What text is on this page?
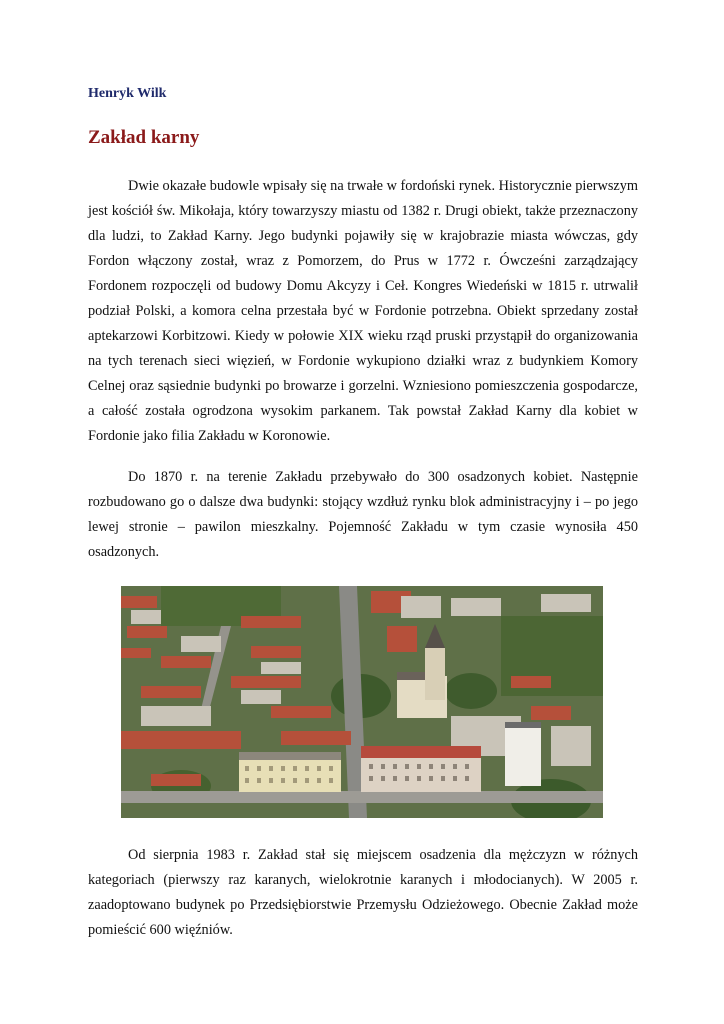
Henryk Wilk
Zakład karny

Dwie okazałe budowle wpisały się na trwałe w fordoński rynek. Historycznie pierwszym jest kościół św. Mikołaja, który towarzyszy miastu od 1382 r. Drugi obiekt, także przeznaczony dla ludzi, to Zakład Karny. Jego budynki pojawiły się w krajobrazie miasta wówczas, gdy Fordon włączony został, wraz z Pomorzem, do Prus w 1772 r. Ówcześni zarządzający Fordonem rozpoczęli od budowy Domu Akcyzy i Ceł. Kongres Wiedeński w 1815 r. utrwalił podział Polski, a komora celna przestała być w Fordonie potrzebna. Obiekt sprzedany został aptekarzowi Korbitzowi. Kiedy w połowie XIX wieku rząd pruski przystąpił do organizowania na tych terenach sieci więzień, w Fordonie wykupiono działki wraz z budynkiem Komory Celnej oraz sąsiednie budynki po browarze i gorzelni. Wzniesiono pomieszczenia gospodarcze, a całość została ogrodzona wysokim parkanem. Tak powstał Zakład Karny dla kobiet w Fordonie jako filia Zakładu w Koronowie.

Do 1870 r. na terenie Zakładu przebywało do 300 osadzonych kobiet. Następnie rozbudowano go o dalsze dwa budynki: stojący wzdłuż rynku blok administracyjny i – po jego lewej stronie – pawilon mieszkalny. Pojemność Zakładu w tym czasie wynosiła 450 osadzonych.

Od sierpnia 1983 r. Zakład stał się miejscem osadzenia dla mężczyzn w różnych kategoriach (pierwszy raz karanych, wielokrotnie karanych i młodocianych). W 2005 r. zaadoptowano budynek po Przedsiębiorstwie Przemysłu Odzieżowego. Obecnie Zakład może pomieścić 600 więźniów.
